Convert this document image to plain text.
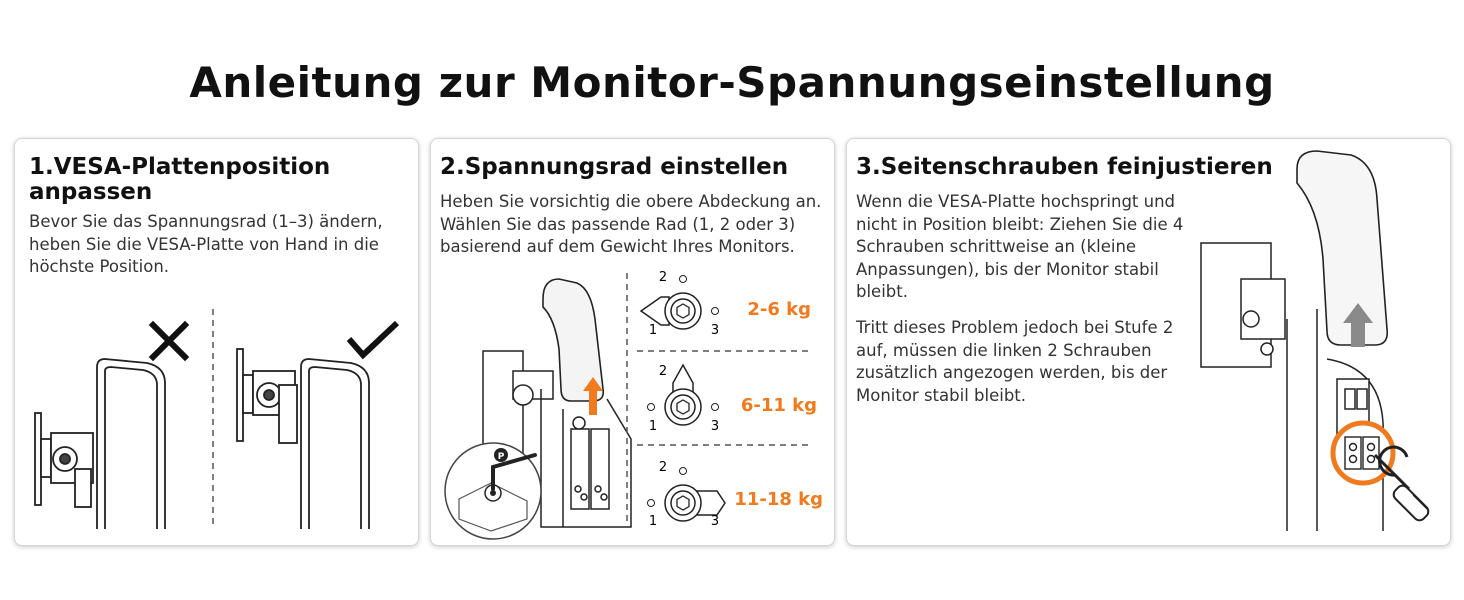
Anleitung zur Monitor-Spannungseinstellung
1.VESA-Plattenposition anpassen
Bevor Sie das Spannungsrad (1–3) ändern, heben Sie die VESA-Platte von Hand in die höchste Position.
2.Spannungsrad einstellen
Heben Sie vorsichtig die obere Abdeckung an. Wählen Sie das passende Rad (1, 2 oder 3) basierend auf dem Gewicht Ihres Monitors.
P
2
1	3
2
1	3
2
1	3
2-6 kg
6-11 kg
11-18 kg
3.Seitenschrauben feinjustieren
Wenn die VESA-Platte hochspringt und nicht in Position bleibt: Ziehen Sie die 4 Schrauben schrittweise an (kleine Anpassungen), bis der Monitor stabil bleibt.
Tritt dieses Problem jedoch bei Stufe 2 auf, müssen die linken 2 Schrauben zusätzlich angezogen werden, bis der Monitor stabil bleibt.
